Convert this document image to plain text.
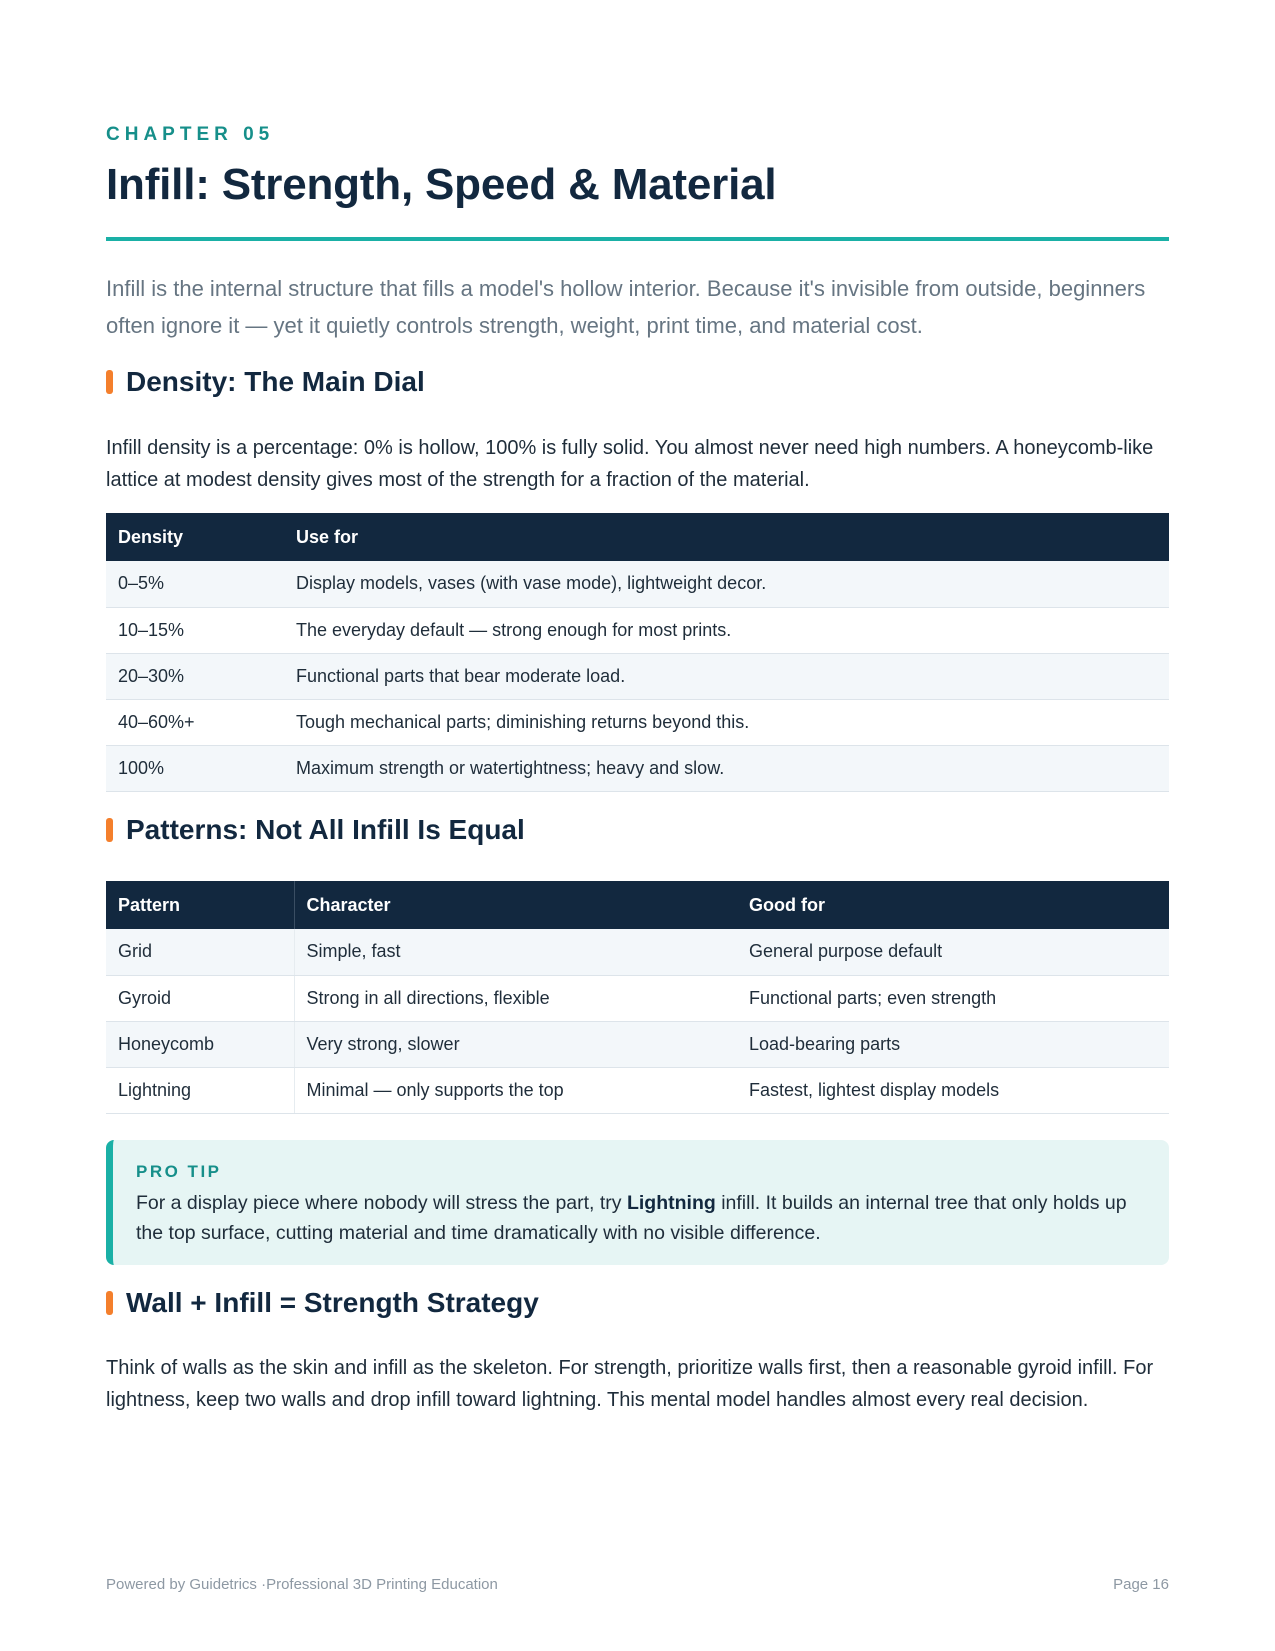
CHAPTER 05
Infill: Strength, Speed & Material

Infill is the internal structure that fills a model's hollow interior. Because it's invisible from outside, beginners often ignore it — yet it quietly controls strength, weight, print time, and material cost.

Density: The Main Dial

Infill density is a percentage: 0% is hollow, 100% is fully solid. You almost never need high numbers. A honeycomb-like lattice at modest density gives most of the strength for a fraction of the material.

Density	Use for
0–5%	Display models, vases (with vase mode), lightweight decor.
10–15%	The everyday default — strong enough for most prints.
20–30%	Functional parts that bear moderate load.
40–60%+	Tough mechanical parts; diminishing returns beyond this.
100%	Maximum strength or watertightness; heavy and slow.
Patterns: Not All Infill Is Equal
Pattern	Character	Good for
Grid	Simple, fast	General purpose default
Gyroid	Strong in all directions, flexible	Functional parts; even strength
Honeycomb	Very strong, slower	Load-bearing parts
Lightning	Minimal — only supports the top	Fastest, lightest display models
PRO TIP

For a display piece where nobody will stress the part, try Lightning infill. It builds an internal tree that only holds up the top surface, cutting material and time dramatically with no visible difference.

Wall + Infill = Strength Strategy

Think of walls as the skin and infill as the skeleton. For strength, prioritize walls first, then a reasonable gyroid infill. For lightness, keep two walls and drop infill toward lightning. This mental model handles almost every real decision.

Powered by Guidetrics ·Professional 3D Printing Education	Page 16
